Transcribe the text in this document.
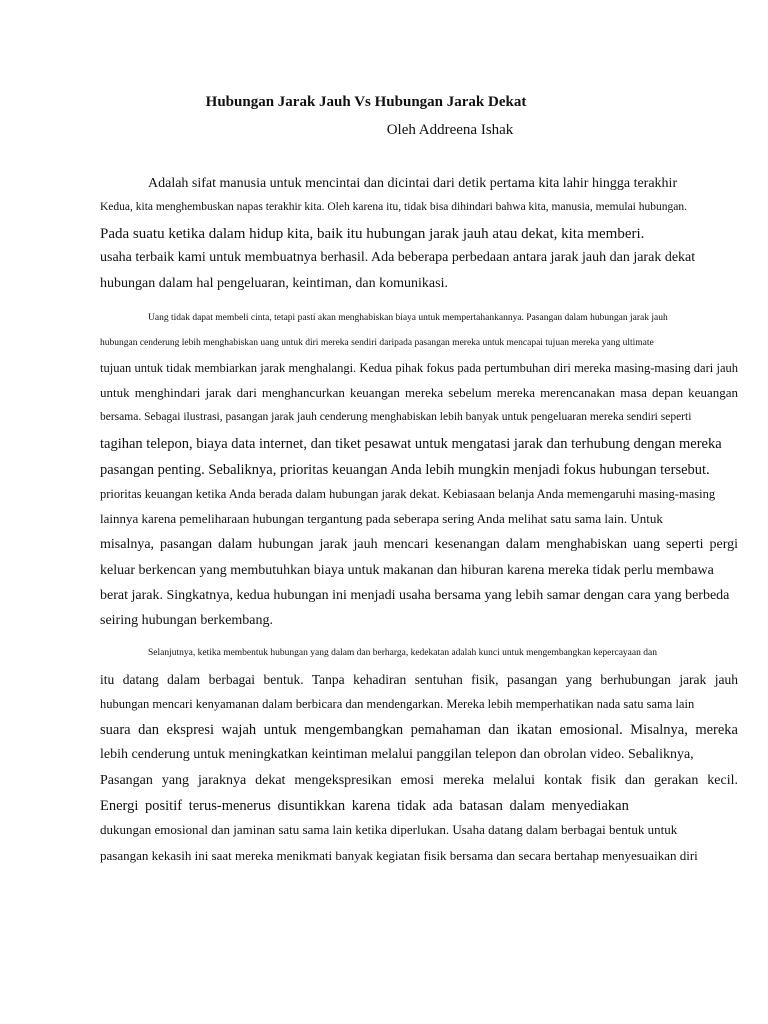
Hubungan Jarak Jauh Vs Hubungan Jarak Dekat
Oleh Addreena Ishak
Adalah sifat manusia untuk mencintai dan dicintai dari detik pertama kita lahir hingga terakhir
Kedua, kita menghembuskan napas terakhir kita. Oleh karena itu, tidak bisa dihindari bahwa kita, manusia, memulai hubungan.
Pada suatu ketika dalam hidup kita, baik itu hubungan jarak jauh atau dekat, kita memberi.
usaha terbaik kami untuk membuatnya berhasil. Ada beberapa perbedaan antara jarak jauh dan jarak dekat
hubungan dalam hal pengeluaran, keintiman, dan komunikasi.
Uang tidak dapat membeli cinta, tetapi pasti akan menghabiskan biaya untuk mempertahankannya. Pasangan dalam hubungan jarak jauh
hubungan cenderung lebih menghabiskan uang untuk diri mereka sendiri daripada pasangan mereka untuk mencapai tujuan mereka yang ultimate
tujuan untuk tidak membiarkan jarak menghalangi. Kedua pihak fokus pada pertumbuhan diri mereka masing-masing dari jauh
untuk menghindari jarak dari menghancurkan keuangan mereka sebelum mereka merencanakan masa depan keuangan
bersama. Sebagai ilustrasi, pasangan jarak jauh cenderung menghabiskan lebih banyak untuk pengeluaran mereka sendiri seperti
tagihan telepon, biaya data internet, dan tiket pesawat untuk mengatasi jarak dan terhubung dengan mereka
pasangan penting. Sebaliknya, prioritas keuangan Anda lebih mungkin menjadi fokus hubungan tersebut.
prioritas keuangan ketika Anda berada dalam hubungan jarak dekat. Kebiasaan belanja Anda memengaruhi masing-masing
lainnya karena pemeliharaan hubungan tergantung pada seberapa sering Anda melihat satu sama lain. Untuk
misalnya, pasangan dalam hubungan jarak jauh mencari kesenangan dalam menghabiskan uang seperti pergi
keluar berkencan yang membutuhkan biaya untuk makanan dan hiburan karena mereka tidak perlu membawa
berat jarak. Singkatnya, kedua hubungan ini menjadi usaha bersama yang lebih samar dengan cara yang berbeda
seiring hubungan berkembang.
Selanjutnya, ketika membentuk hubungan yang dalam dan berharga, kedekatan adalah kunci untuk mengembangkan kepercayaan dan
itu datang dalam berbagai bentuk. Tanpa kehadiran sentuhan fisik, pasangan yang berhubungan jarak jauh
hubungan mencari kenyamanan dalam berbicara dan mendengarkan. Mereka lebih memperhatikan nada satu sama lain
suara dan ekspresi wajah untuk mengembangkan pemahaman dan ikatan emosional. Misalnya, mereka
lebih cenderung untuk meningkatkan keintiman melalui panggilan telepon dan obrolan video. Sebaliknya,
Pasangan yang jaraknya dekat mengekspresikan emosi mereka melalui kontak fisik dan gerakan kecil.
Energi positif terus-menerus disuntikkan karena tidak ada batasan dalam menyediakan
dukungan emosional dan jaminan satu sama lain ketika diperlukan. Usaha datang dalam berbagai bentuk untuk
pasangan kekasih ini saat mereka menikmati banyak kegiatan fisik bersama dan secara bertahap menyesuaikan diri
